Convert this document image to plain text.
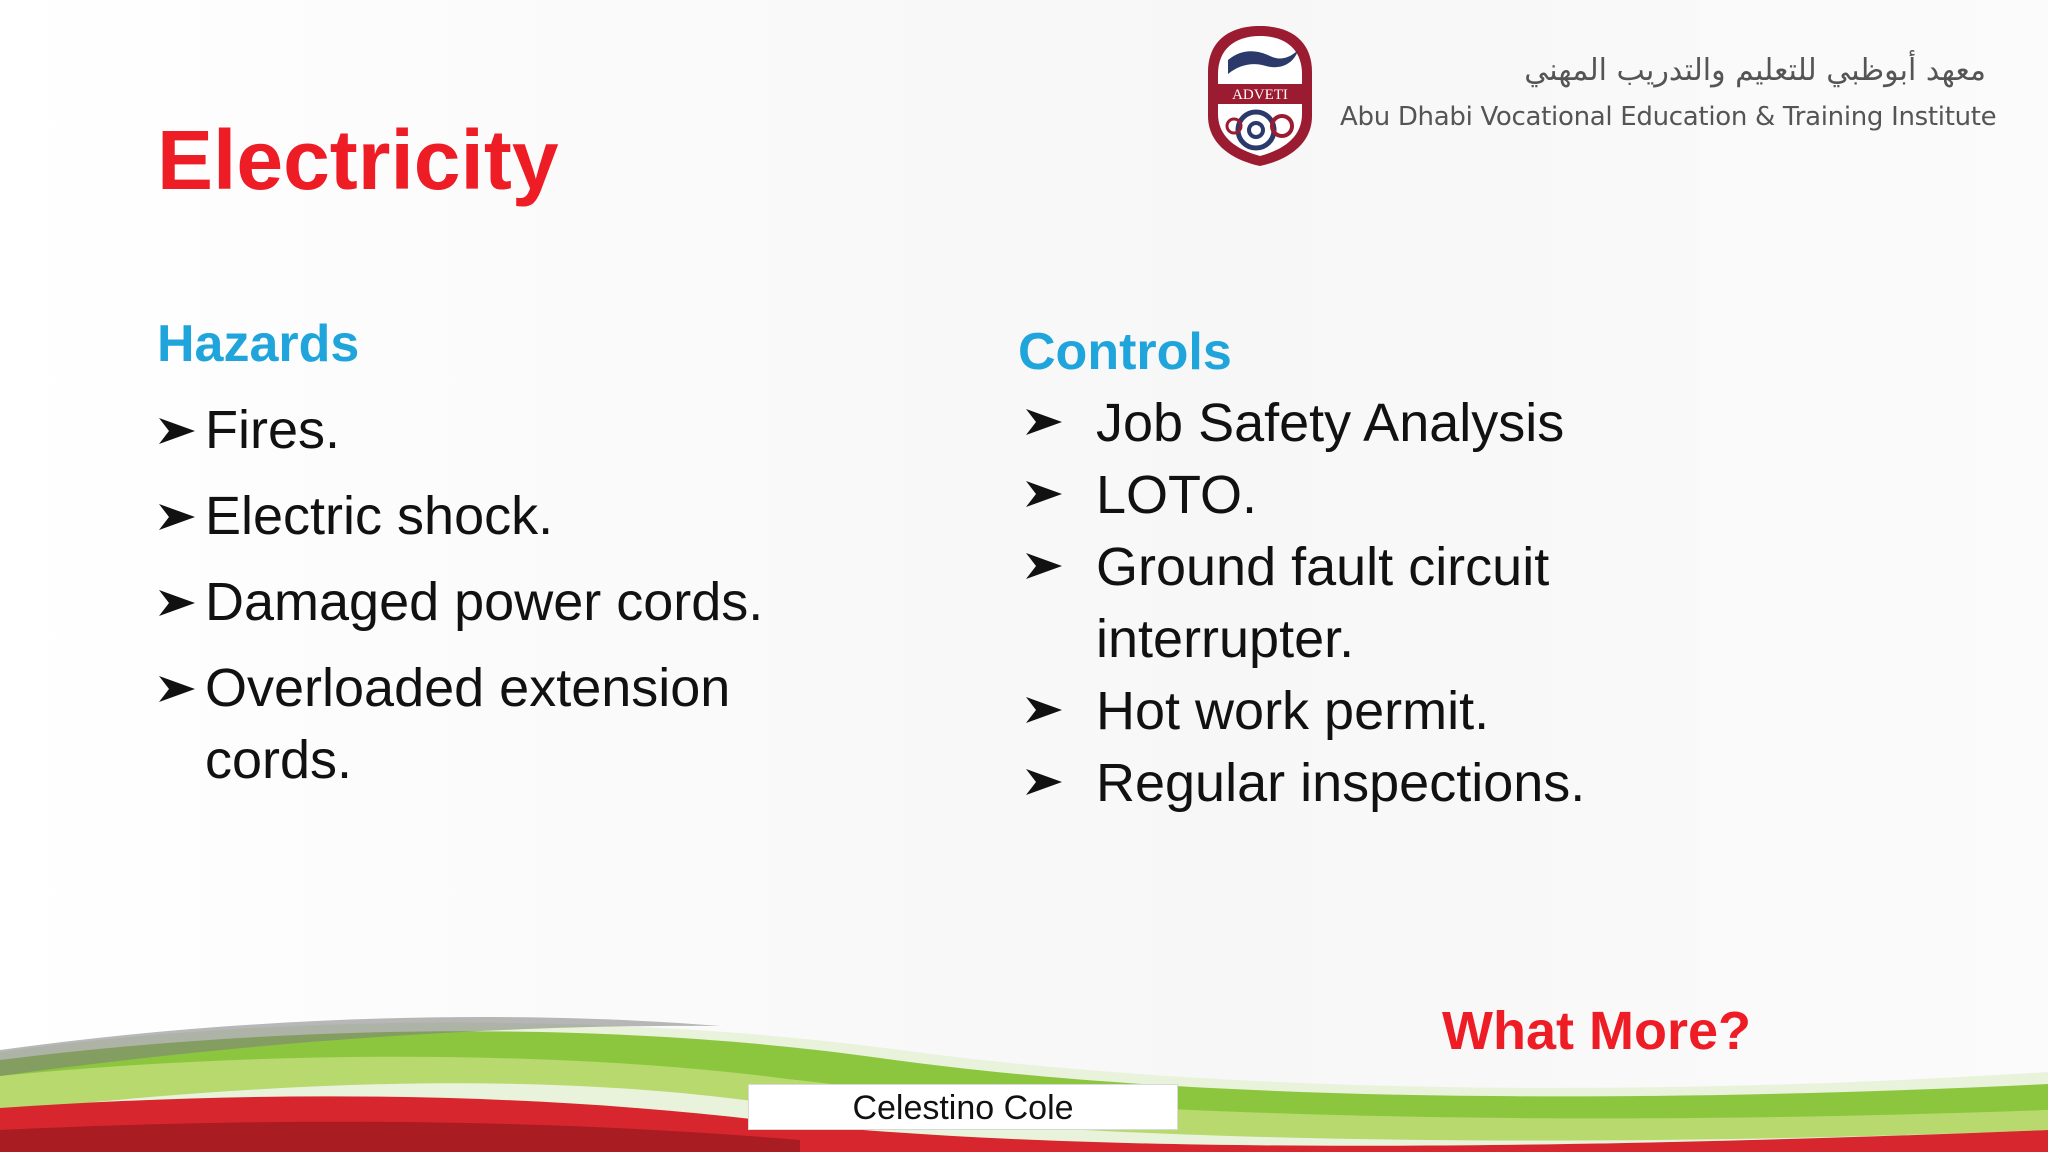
ADVETI
معهد أبوظبي للتعليم والتدريب المهني
Abu Dhabi Vocational Education & Training Institute
Electricity
Hazards
Fires.
Electric shock.
Damaged power cords.
Overloaded extension cords.
Controls
Job Safety Analysis
LOTO.
Ground fault circuit interrupter.
Hot work permit.
Regular inspections.
What More?
Celestino Cole
